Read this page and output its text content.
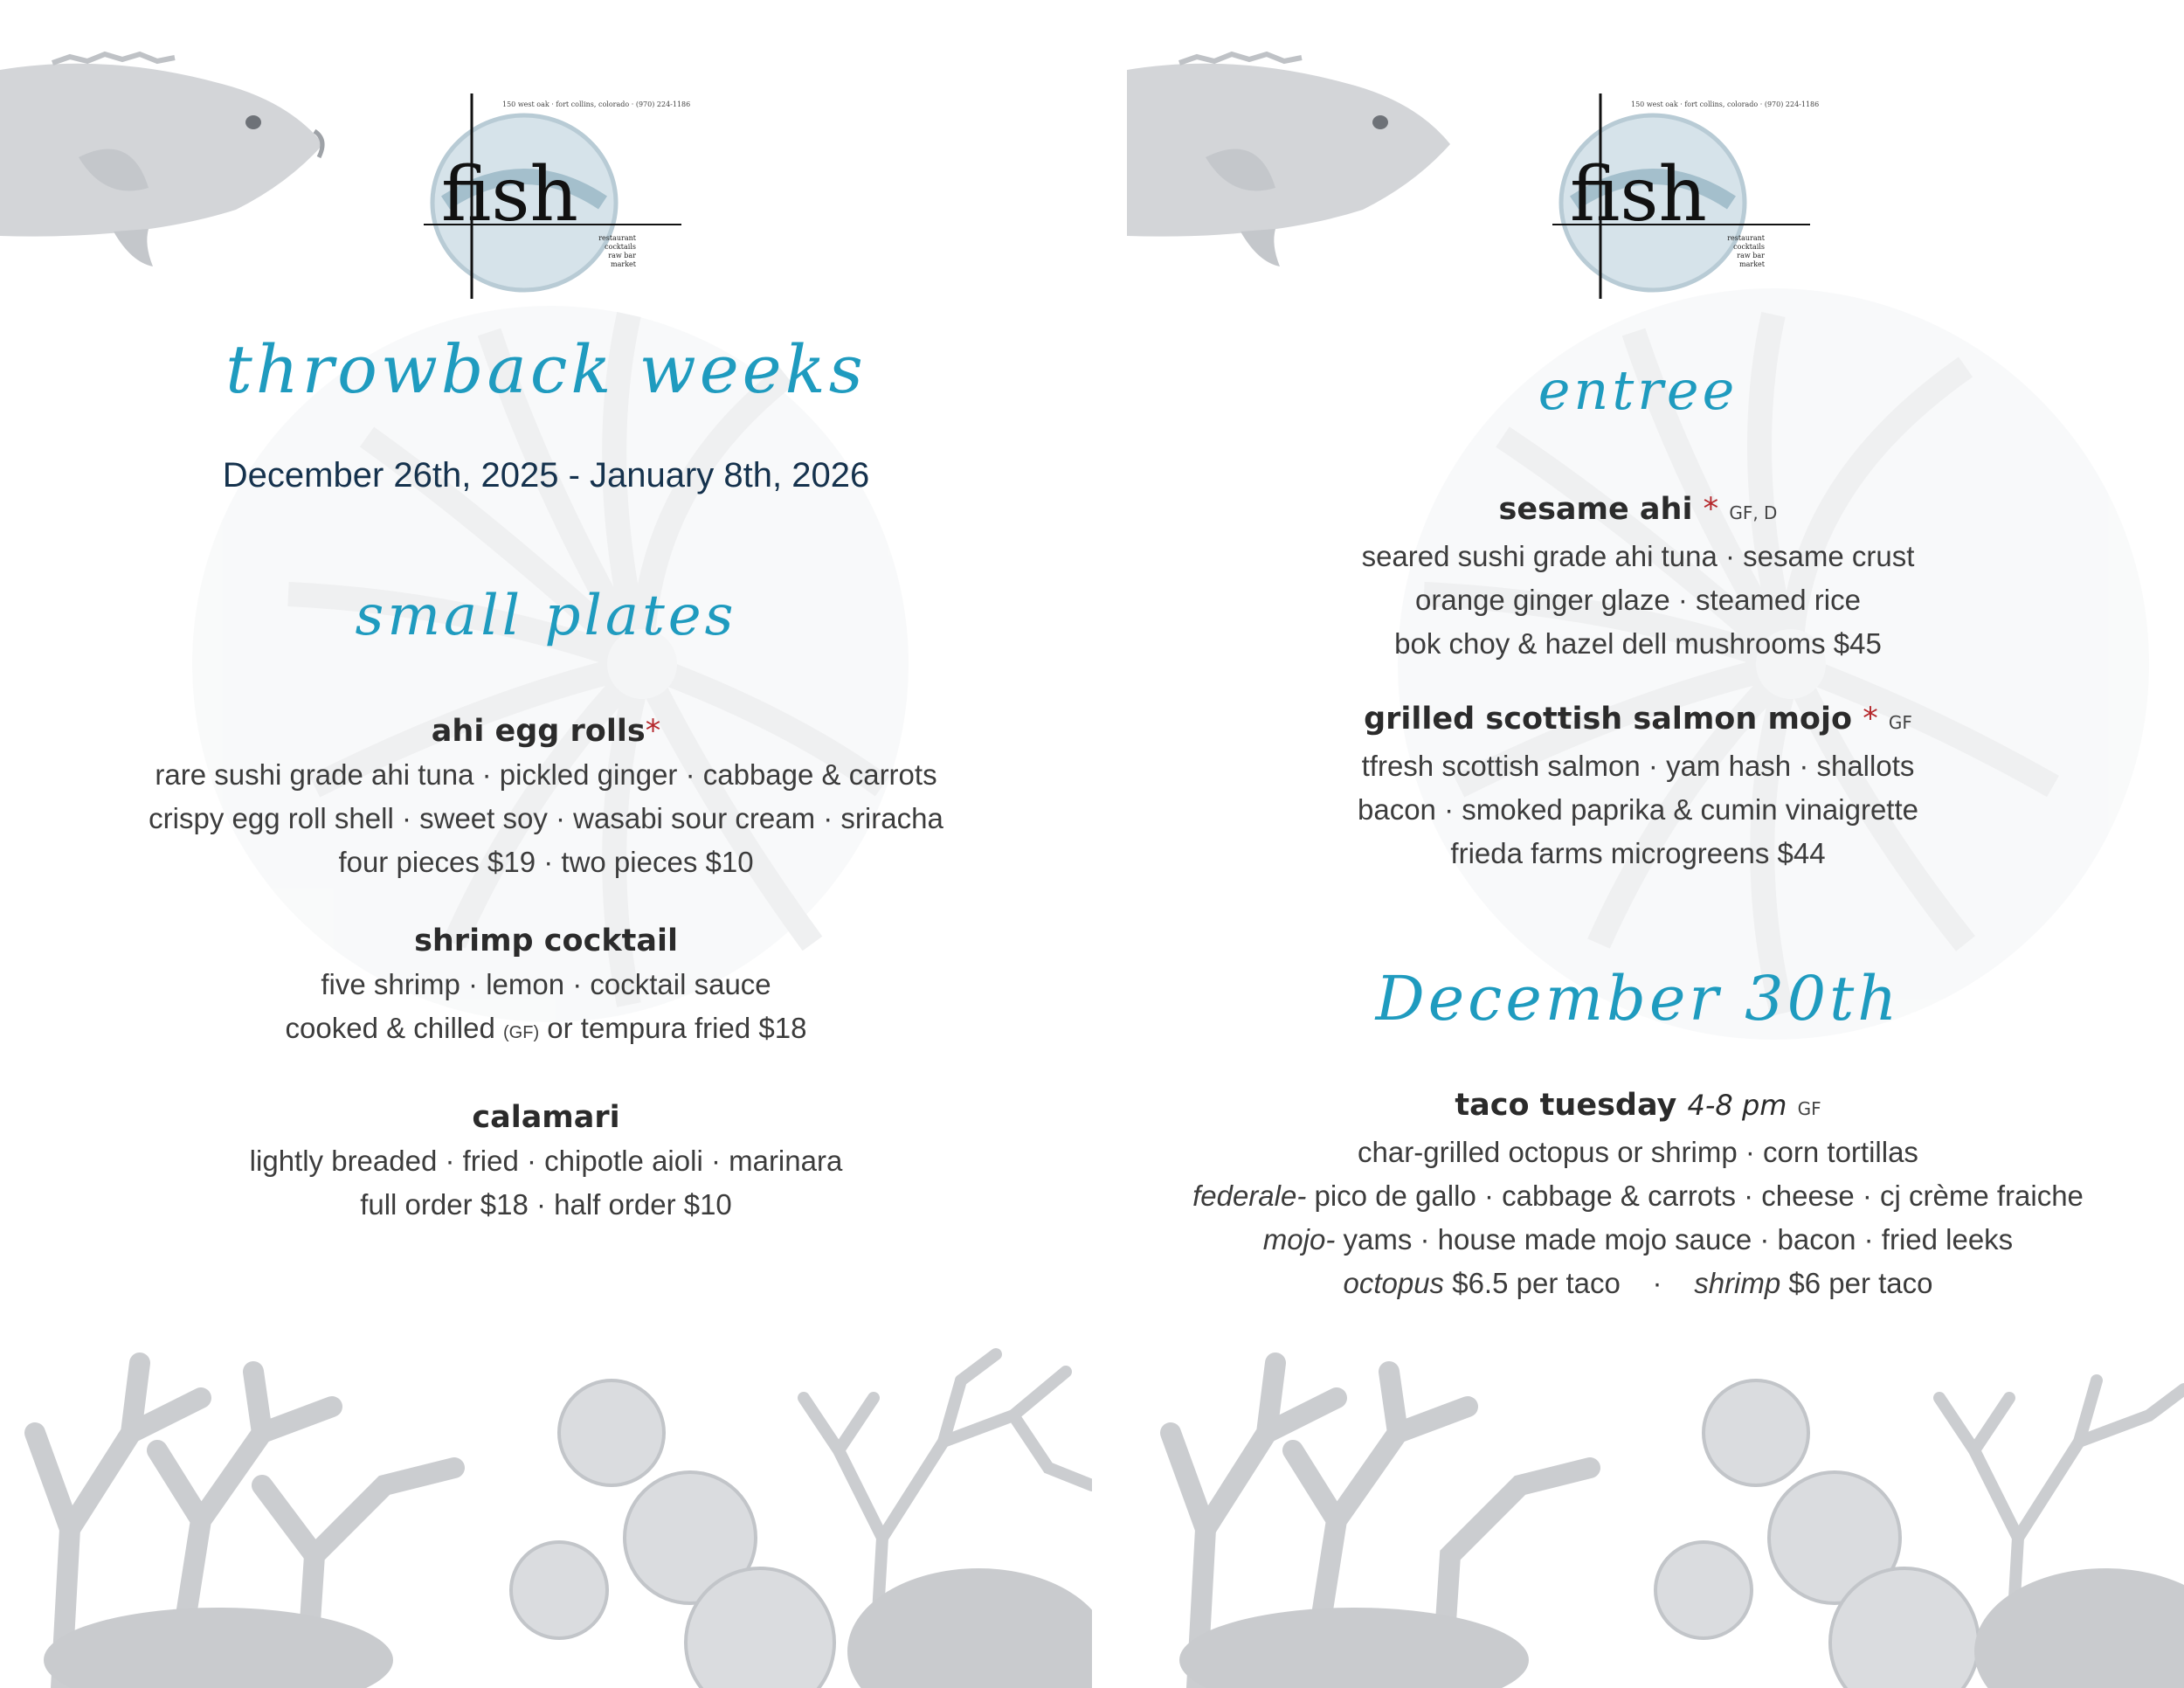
fish	restaurant
cocktails
raw bar
market
150 west oak · fort collins, colorado · (970) 224-1186
throwback weeks
December 26th, 2025 - January 8th, 2026
small plates
ahi egg rolls*
rare sushi grade ahi tuna · pickled ginger · cabbage & carrots
crispy egg roll shell · sweet soy · wasabi sour cream · sriracha
four pieces $19 · two pieces $10
shrimp cocktail
five shrimp · lemon · cocktail sauce
cooked & chilled (GF) or tempura fried $18
calamari
lightly breaded · fried · chipotle aioli · marinara
full order $18 · half order $10
fish	restaurant
cocktails
raw bar
market
150 west oak · fort collins, colorado · (970) 224-1186
entree
sesame ahi * GF, D
seared sushi grade ahi tuna · sesame crust
orange ginger glaze · steamed rice
bok choy & hazel dell mushrooms $45
grilled scottish salmon mojo * GF
tfresh scottish salmon · yam hash · shallots
bacon · smoked paprika & cumin vinaigrette
frieda farms microgreens $44
December 30th
taco tuesday 4-8 pm GF
char-grilled octopus or shrimp · corn tortillas
federale- pico de gallo · cabbage & carrots · cheese · cj crème fraiche
mojo- yams · house made mojo sauce · bacon · fried leeks
octopus $6.5 per taco    ·    shrimp $6 per taco
